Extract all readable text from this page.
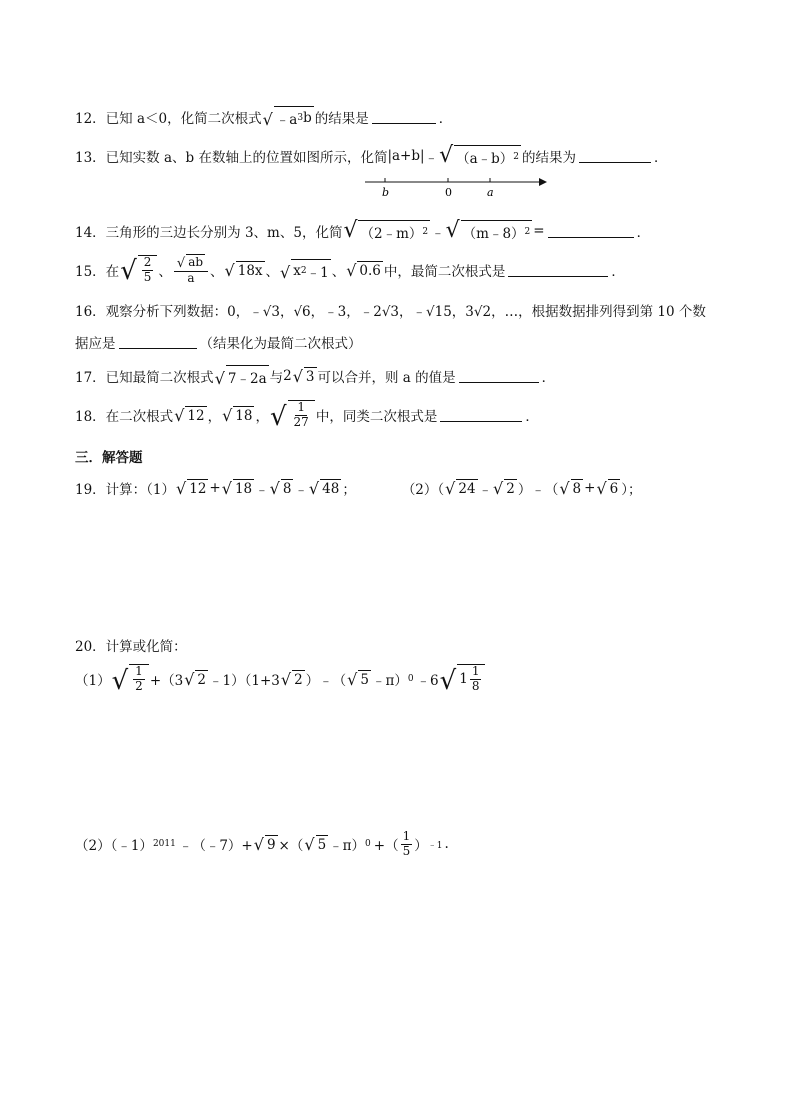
12．已知 a＜0，化简二次根式 √ ﹣a 3 b 的结果是	．
13．已知实数 a、b 在数轴上的位置如图所示，化简 |a+b| ﹣ √ （a﹣b） 2 的结果为	．
b	0	a
14．三角形的三边长分别为 3、m、5，化简 √ （2﹣m） 2 ﹣ √ （m﹣8） 2 =	．
15．在 √ $\frac{2}{5}$ 、 $\frac{√ ab}{a}$ 、 √ 18x 、 √ x 2 ﹣1 、 √ 0.6 中，最简二次根式是	．
16．观察分析下列数据：0，﹣√3，√6，﹣3，﹣2√3，﹣√15，3√2，…，根据数据排列得到第 10 个数
据应是	（结果化为最简二次根式）
17．已知最简二次根式 √ 7﹣2a 与 2 √ 3 可以合并，则 a 的值是	．
18．在二次根式 √ 12 ， √ 18 ， √ $\frac{1}{27}$ 中，同类二次根式是	．
三．解答题
19．计算：（1） √ 12 + √ 18 ﹣ √ 8 ﹣ √ 48 ；	（2）（ √ 24 ﹣ √ 2 ）﹣（ √ 8 + √ 6 ）；
20．计算或化简：
（1） √ $\frac{1}{2} +(3$ √ 2 ﹣1）（1+3 √ 2 ）﹣（ √ 5 ﹣π） 0 ﹣6 √ $1 \frac{1}{8}$
（2）（﹣1） 2011 ﹣（﹣7）+ √ 9 ×（ √ 5 ﹣π） 0 +（ $\frac{1}{5}$ ） ﹣1 .
